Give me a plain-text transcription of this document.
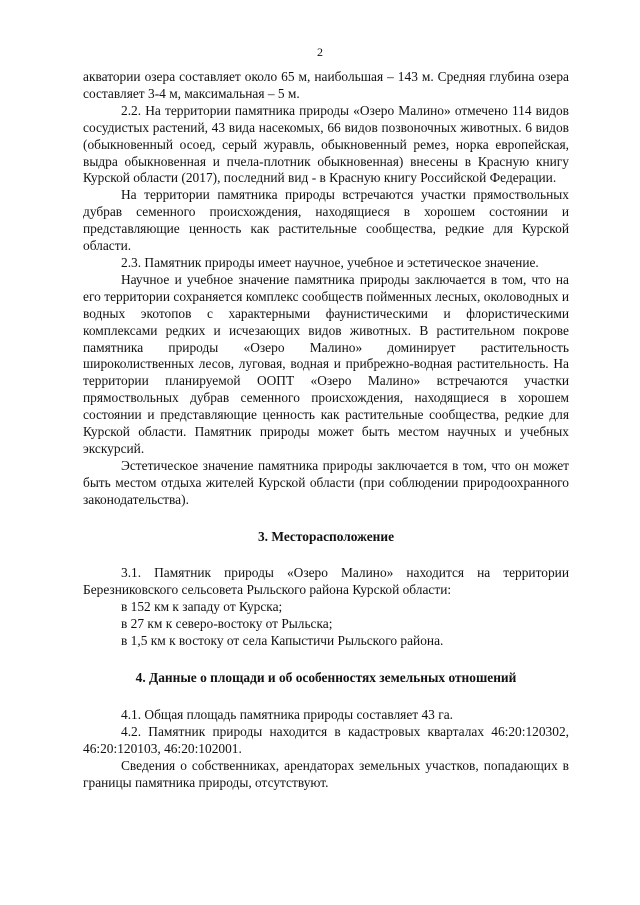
2

акватории озера составляет около 65 м, наибольшая – 143 м. Средняя глубина озера составляет 3-4 м, максимальная – 5 м.

2.2. На территории памятника природы «Озеро Малино» отмечено 114 видов сосудистых растений, 43 вида насекомых, 66 видов позвоночных животных. 6 видов (обыкновенный осоед, серый журавль, обыкновенный ремез, норка европейская, выдра обыкновенная и пчела-плотник обыкновенная) внесены в Красную книгу Курской области (2017), последний вид - в Красную книгу Российской Федерации.

На территории памятника природы встречаются участки прямоствольных дубрав семенного происхождения, находящиеся в хорошем состоянии и представляющие ценность как растительные сообщества, редкие для Курской области.

2.3. Памятник природы имеет научное, учебное и эстетическое значение.

Научное и учебное значение памятника природы заключается в том, что на его территории сохраняется комплекс сообществ пойменных лесных, околоводных и водных экотопов с характерными фаунистическими и флористическими комплексами редких и исчезающих видов животных. В растительном покрове памятника природы «Озеро Малино» доминирует растительность широколиственных лесов, луговая, водная и прибрежно-водная растительность. На территории планируемой ООПТ «Озеро Малино» встречаются участки прямоствольных дубрав семенного происхождения, находящиеся в хорошем состоянии и представляющие ценность как растительные сообщества, редкие для Курской области. Памятник природы может быть местом научных и учебных экскурсий.

Эстетическое значение памятника природы заключается в том, что он может быть местом отдыха жителей Курской области (при соблюдении природоохранного законодательства).

3. Месторасположение

3.1. Памятник природы «Озеро Малино» находится на территории Березниковского сельсовета Рыльского района Курской области:

в 152 км к западу от Курска;

в 27 км к северо-востоку от Рыльска;

в 1,5 км к востоку от села Капыстичи Рыльского района.

4. Данные о площади и об особенностях земельных отношений

4.1. Общая площадь памятника природы составляет 43 га.

4.2. Памятник природы находится в кадастровых кварталах 46:20:120302, 46:20:120103, 46:20:102001.

Сведения о собственниках, арендаторах земельных участков, попадающих в границы памятника природы, отсутствуют.
